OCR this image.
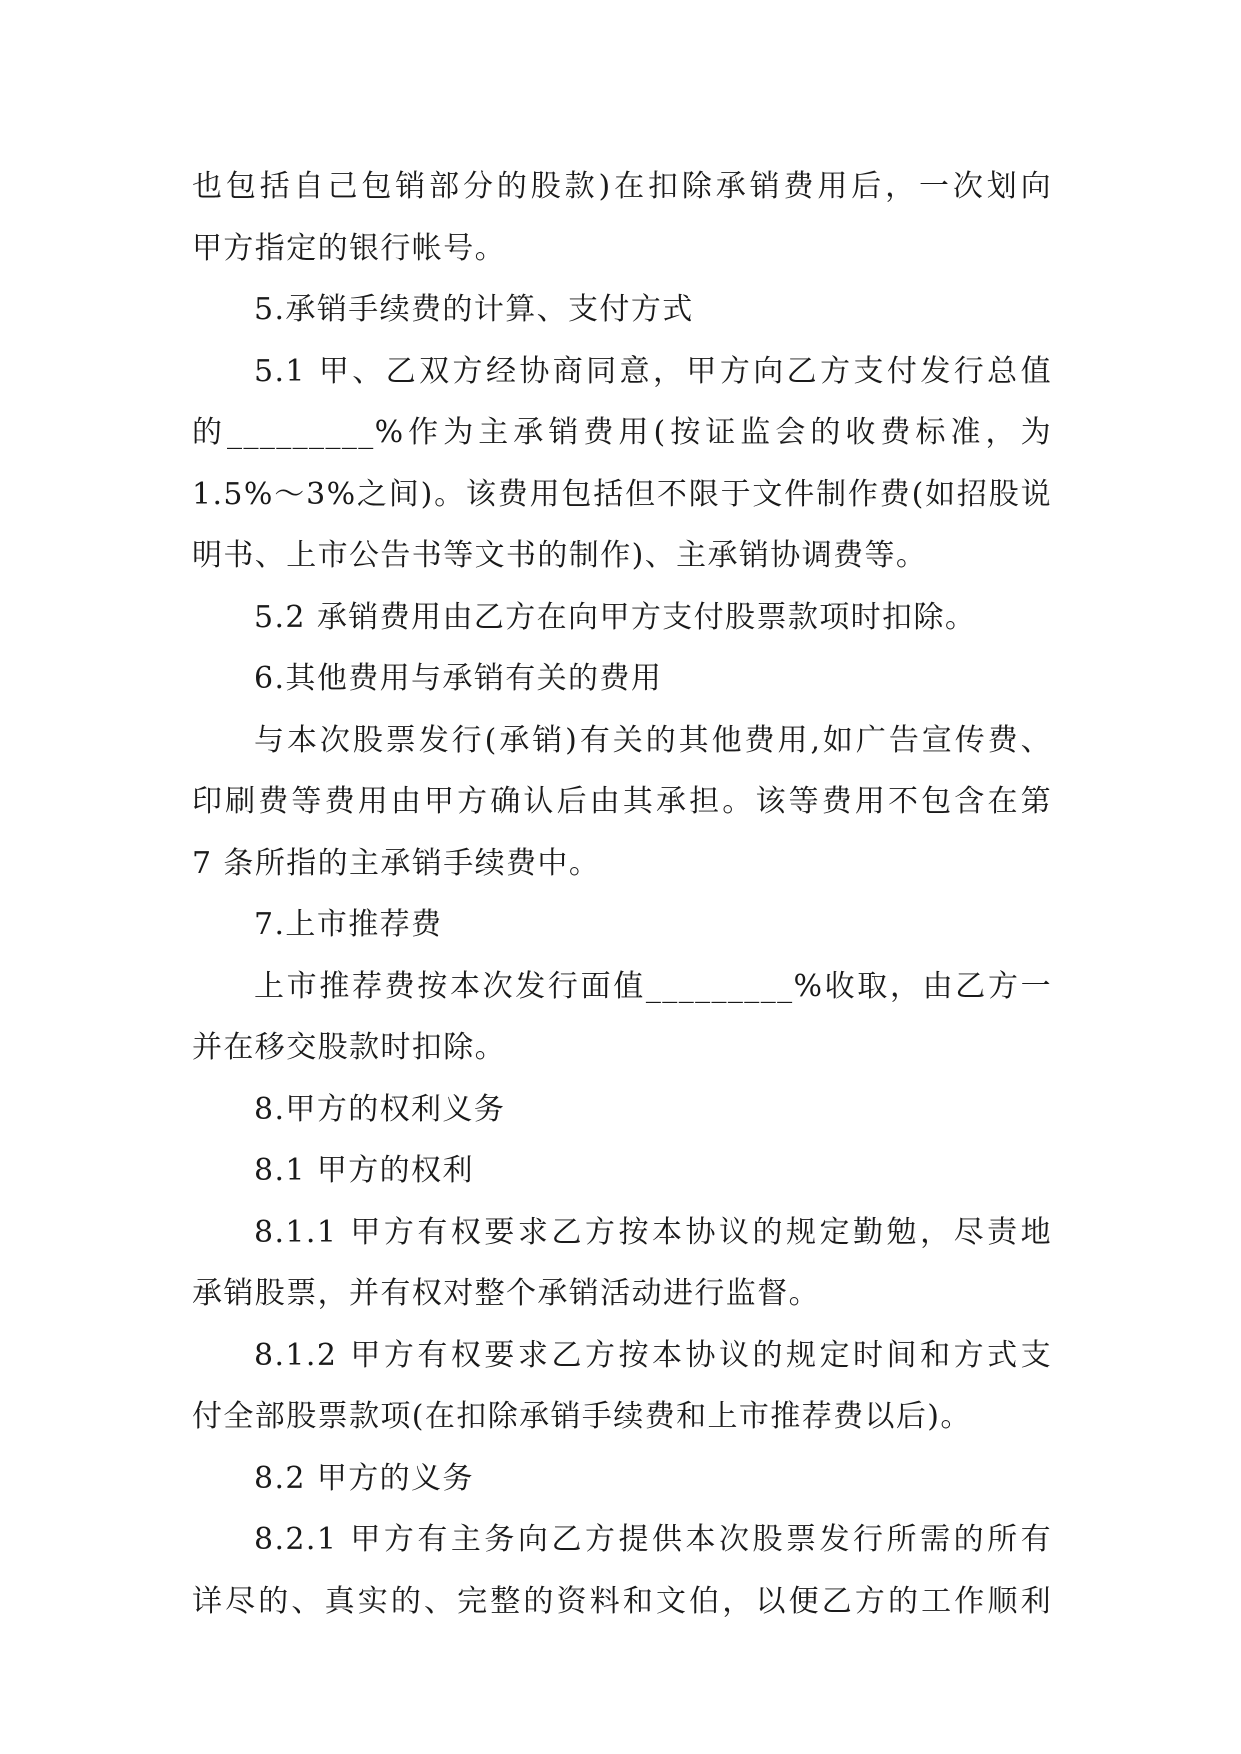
也包括自己包销部分的股款)在扣除承销费用后，一次划向
甲方指定的银行帐号。
5.承销手续费的计算、支付方式
5.1 甲、乙双方经协商同意，甲方向乙方支付发行总值
的_________%作为主承销费用(按证监会的收费标准，为
1.5%～3%之间)。该费用包括但不限于文件制作费(如招股说
明书、上市公告书等文书的制作)、主承销协调费等。
5.2 承销费用由乙方在向甲方支付股票款项时扣除。
6.其他费用与承销有关的费用
与本次股票发行(承销)有关的其他费用,如广告宣传费、
印刷费等费用由甲方确认后由其承担。该等费用不包含在第
7 条所指的主承销手续费中。
7.上市推荐费
上市推荐费按本次发行面值_________%收取，由乙方一
并在移交股款时扣除。
8.甲方的权利义务
8.1 甲方的权利
8.1.1 甲方有权要求乙方按本协议的规定勤勉，尽责地
承销股票，并有权对整个承销活动进行监督。
8.1.2 甲方有权要求乙方按本协议的规定时间和方式支
付全部股票款项(在扣除承销手续费和上市推荐费以后)。
8.2 甲方的义务
8.2.1 甲方有主务向乙方提供本次股票发行所需的所有
详尽的、真实的、完整的资料和文伯，以便乙方的工作顺利
